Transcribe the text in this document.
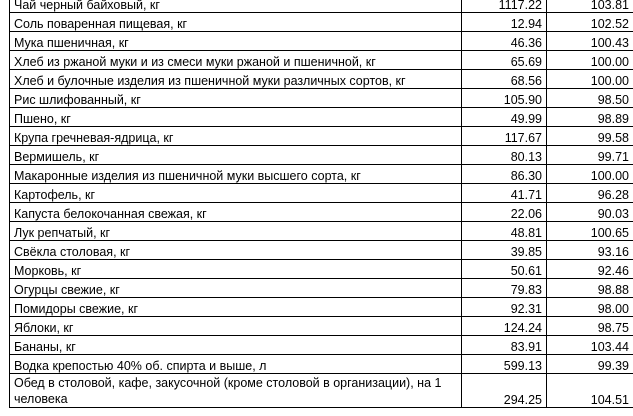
Чай черный байховый, кг	1117.22	103.81
Соль поваренная пищевая, кг	12.94	102.52
Мука пшеничная, кг	46.36	100.43
Хлеб из ржаной муки и из смеси муки ржаной и пшеничной, кг	65.69	100.00
Хлеб и булочные изделия из пшеничной муки различных сортов, кг	68.56	100.00
Рис шлифованный, кг	105.90	98.50
Пшено, кг	49.99	98.89
Крупа гречневая-ядрица, кг	117.67	99.58
Вермишель, кг	80.13	99.71
Макаронные изделия из пшеничной муки высшего сорта, кг	86.30	100.00
Картофель, кг	41.71	96.28
Капуста белокочанная свежая, кг	22.06	90.03
Лук репчатый, кг	48.81	100.65
Свёкла столовая, кг	39.85	93.16
Морковь, кг	50.61	92.46
Огурцы свежие, кг	79.83	98.88
Помидоры свежие, кг	92.31	98.00
Яблоки, кг	124.24	98.75
Бананы, кг	83.91	103.44
Водка крепостью 40% об. спирта и выше, л	599.13	99.39
Обед в столовой, кафе, закусочной (кроме столовой в организации), на 1 человека	294.25	104.51
